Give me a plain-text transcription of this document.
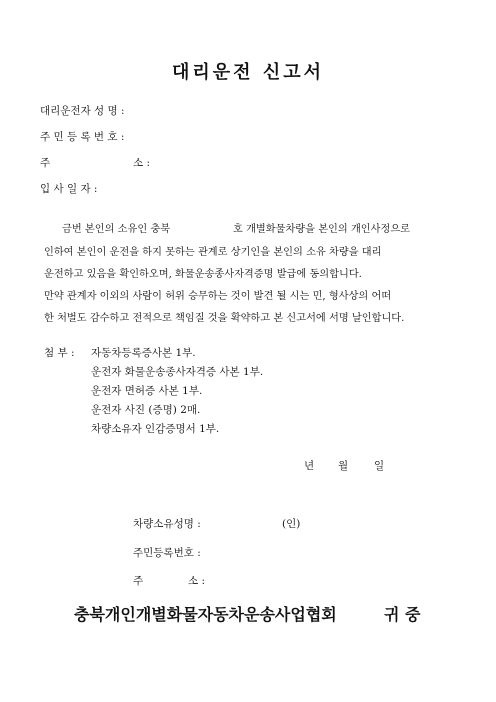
대리운전 신고서
대리운전자 성 명 :
주 민 등 록 번 호 :
주	소 :
입 사 일 자 :
금번 본인의 소유인 충북	호 개별화물차량을 본인의 개인사정으로
인하여 본인이 운전을 하지 못하는 관계로 상기인을 본인의 소유 차량을 대리
운전하고 있음을 확인하오며, 화물운송종사자격증명 발급에 동의합니다.
만약 관계자 이외의 사람이 허위 승무하는 것이 발견 될 시는 민, 형사상의 어떠
한 처벌도 감수하고 전적으로 책임질 것을 확약하고 본 신고서에 서명 날인합니다.
첨 부 : 자동차등록증사본 1부.
운전자 화물운송종사자격증 사본 1부.
운전자 면허증 사본 1부.
운전자 사진 (증명) 2매.
차량소유자 인감증명서 1부.
년 월 일
차량소유성명 :	(인)
주민등록번호 :
주	소 :
충북개인개별화물자동차운송사업협회	귀 중
